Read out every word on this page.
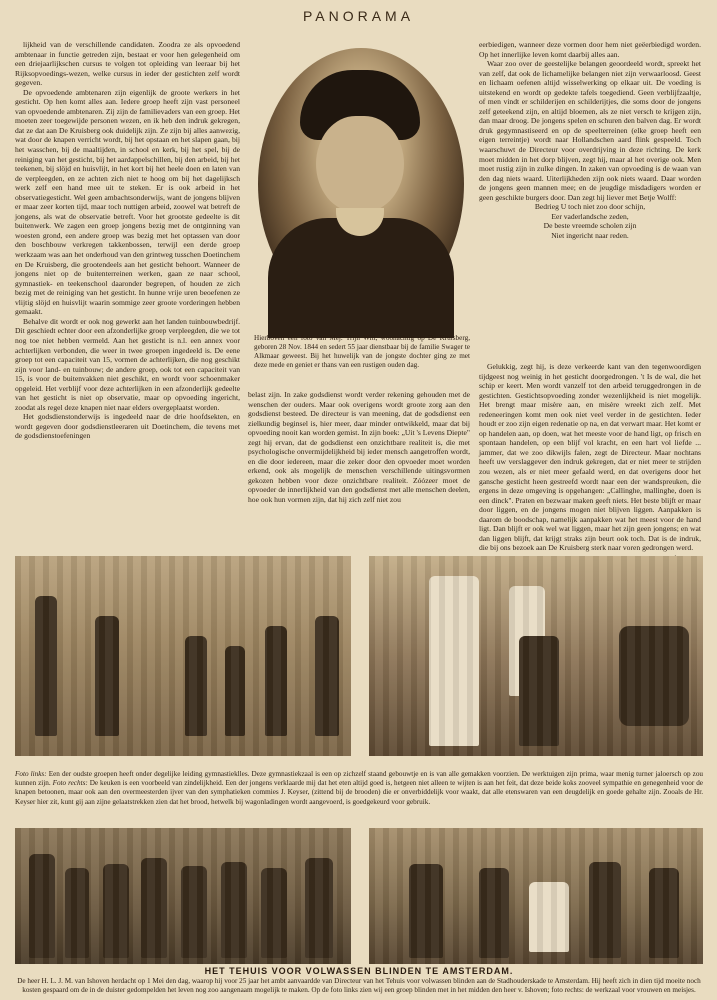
PANORAMA

lijkheid van de verschillende candidaten. Zoodra ze als opvoedend ambtenaar in functie getreden zijn, bestaat er voor hen gelegenheid om een driejaarlijkschen cursus te volgen tot opleiding van leeraar bij het Rijksopvoedings-wezen, welke cursus in ieder der gestichten zelf wordt gegeven.

De opvoedende ambtenaren zijn eigenlijk de groote werkers in het gesticht. Op hen komt alles aan. Iedere groep heeft zijn vast personeel van opvoedende ambtenaren. Zij zijn de familievaders van een groep. Het moeten zeer toegewijde personen wezen, en ik heb den indruk gekregen, dat ze dat aan De Kruisberg ook duidelijk zijn. Ze zijn bij alles aanwezig, wat door de knapen verricht wordt, bij het opstaan en het slapen gaan, bij het wasschen, bij de maaltijden, in school en kerk, bij het spel, bij de reiniging van het gesticht, bij het aardappelschillen, bij den arbeid, bij het teekenen, bij slöjd en huisvlijt, in het kort bij het heele doen en laten van de verpleegden, en ze achten zich niet te hoog om bij het dagelijksch werk zelf een hand mee uit te steken. Er is ook arbeid in het observatiegesticht. Wel geen ambachtsonderwijs, want de jongens blijven er maar zeer korten tijd, maar toch nuttigen arbeid, zoowel wat betreft de jongens, als wat de observatie betreft. Voor het grootste gedeelte is dit buitenwerk. We zagen een groep jongens bezig met de ontginning van woesten grond, een andere groep was bezig met het optassen van door den boschbouw verkregen takkenbossen, terwijl een derde groep werkzaam was aan het onderhoud van den grintweg tusschen Doetinchem en De Kruisberg, die grootendeels aan het gesticht behoort. Wanneer de jongens niet op de buitenterreinen werken, gaan ze naar school, gymnastiek- en teekenschool daaronder begrepen, of houden ze zich bezig met de reiniging van het gesticht. In hunne vrije uren beoefenen ze vlijtig slöjd en huisvlijt waarin sommige zeer groote vorderingen hebben gemaakt.

Behalve dit wordt er ook nog gewerkt aan het landen tuinbouwbedrijf. Dit geschiedt echter door een afzonderlijke groep verpleegden, die we tot nog toe niet hebben vermeld. Aan het gesticht is n.l. een annex voor achterlijken verbonden, die weer in twee groepen ingedeeld is. De eene groep tot een capaciteit van 15, vormen de achterlijken, die nog geschikt zijn voor land- en tuinbouw; de andere groep, ook tot een capaciteit van 15, is voor de buitenvakken niet geschikt, en wordt voor schoenmaker opgeleid. Het verblijf voor deze achterlijken in een afzonderlijk gedeelte van het gesticht is niet op observatie, maar op opvoeding ingericht, zoodat als regel deze knapen niet naar elders overgeplaatst worden.

Het godsdienstonderwijs is ingedeeld naar de drie hoofdsekten, en wordt gegeven door godsdienstleeraren uit Doetinchem, die tevens met de godsdienstoefeningen

Hierboven een foto van Mej. Trijn Witt, woonachtig op De Kruisberg, geboren 28 Nov. 1844 en sedert 55 jaar dienstbaar bij de familie Swager te Alkmaar geweest. Bij het huwelijk van de jongste dochter ging ze met deze mede en geniet er thans van een rustigen ouden dag.

belast zijn. In zake godsdienst wordt verder rekening gehouden met de wenschen der ouders. Maar ook overigens wordt groote zorg aan den godsdienst besteed. De directeur is van meening, dat de godsdienst een zielkundig beginsel is, hier meer, daar minder ontwikkeld, maar dat bij opvoeding nooit kan worden gemist. In zijn boek: „Uit 's Levens Diepte" zegt hij ervan, dat de godsdienst een onzichtbare realiteit is, die met psychologische onvermijdelijkheid bij ieder mensch aangetroffen wordt, en die door iedereen, maar die zeker door den opvoeder moet worden erkend, ook als mogelijk de menschen verschillende uitingsvormen gekozen hebben voor deze onzichtbare realiteit. Zóózeer moet de opvoeder de innerlijkheid van den godsdienst met alle menschen deelen, hoe ook hun vormen zijn, dat hij zich zelf niet zou

eerbiedigen, wanneer deze vormen door hem niet geëerbiedigd worden. Op het innerlijke leven komt daarbij alles aan.

Waar zoo over de geestelijke belangen geoordeeld wordt, spreekt het van zelf, dat ook de lichamelijke belangen niet zijn verwaarloosd. Geest en lichaam oefenen altijd wisselwerking op elkaar uit. De voeding is uitstekend en wordt op gedekte tafels toegediend. Geen verblijfzaaltje, of men vindt er schilderijen en schilderijtjes, die soms door de jongens zelf geteekend zijn, en altijd bloemen, als ze niet versch te krijgen zijn, dan maar droog. De jongens spelen en schuren den balven dag. Er wordt druk gegymnastiseerd en op de speelterreinen (elke groep heeft een eigen terreintje) wordt naar Hollandschen aard flink gespeeld. Toch waarschuwt de Directeur voor overdrijving in deze richting. De kerk moet midden in het dorp blijven, zegt hij, maar al het overige ook. Men moet rustig zijn in zulke dingen. In zaken van opvoeding is de waan van den dag niets waard. Uiterlijkheden zijn ook niets waard. Daar worden de jongens geen mannen mee; en de jeugdige misdadigers worden er geen geschikte burgers door. Dan zegt hij liever met Betje Wolff:

Bedrieg U toch niet zoo door schijn,

Eer vaderlandsche zeden,

De beste vreemde scholen zijn

Niet ingericht naar reden.

Gelukkig, zegt hij, is deze verkeerde kant van den tegenwoordigen tijdgeest nog weinig in het gesticht doorgedrongen. 't Is de wal, die het schip er keert. Men wordt vanzelf tot den arbeid teruggedrongen in de gestichten. Gestichtsopvoeding zonder wezenlijkheid is niet mogelijk. Het brengt maar misère aan, en misère wreekt zich zelf. Met redeneeringen komt men ook niet veel verder in de gestichten. Ieder houdt er zoo zijn eigen redenatie op na, en dat verwart maar. Het komt er op handelen aan, op doen, wat het meeste voor de hand ligt, op frisch en spontaan handelen, op een blijf vol kracht, en een hart vol liefde ... jammer, dat we zoo dikwijls falen, zegt de Directeur. Maar nochtans heeft uw verslaggever den indruk gekregen, dat er niet meer te strijden zou wezen, als er niet meer gefaald werd, en dat overigens door het ganschе gesticht heen gestreefd wordt naar een der wandspreuken, die ergens in deze omgeving is opgehangen: „Callinghe, mallinghe, doen is een dinck". Praten en bezwaar maken geeft niets. Het beste blijft er maar door liggen, en de jongens mogen niet blijven liggen. Aanpakken is daarom de boodschap, namelijk aanpakken wat het meest voor de hand ligt. Dan blijft er ook wel wat liggen, maar het zijn geen jongens; en wat dan liggen blijft, dat krijgt straks zijn beurt ook toch. Dat is de indruk, die bij ons bezoek aan De Kruisberg sterk naar voren gedrongen werd.

Foto links: Een der oudste groepen heeft onder degelijke leiding gymnastieklles. Deze gymnastiekzaal is een op zichzelf staand gebouwtje en is van alle gemakken voorzien. De werktuigen zijn prima, waar menig turner jaloersch op zou kunnen zijn. Foto rechts: De keuken is een voorbeeld van zindelijkheid. Een der jongens verklaarde mij dat het eten altijd goed is, hetgeen niet alleen te wijten is aan het feit, dat deze beide koks zooveel sympathie en genegenheid voor de knapen betoonen, maar ook aan den overmeesterden ijver van den symphatieken commies J. Keyser, (zittend bij de brooden) die er onverbiddelijk voor waakt, dat alle etenswaren van een deugdelijk en goede gehalte zijn. Zooals de Hr. Keyser hier zit, kunt gij aan zijne gelaatstrekken zien dat het brood, hetwelk bij wagonladingen wordt aangevoerd, is goedgekeurd voor gebruik.
HET TEHUIS VOOR VOLWASSEN BLINDEN TE AMSTERDAM.
De heer H. L. J. M. van Ishoven herdacht op 1 Mei den dag, waarop hij voor 25 jaar het ambt aanvaardde van Directeur van het Tehuis voor volwassen blinden aan de Stadhouderskade te Amsterdam. Hij heeft zich in dien tijd moeite noch kosten gespaard om de in de duister gedompelden het leven nog zoo aangenaam mogelijk te maken. Op de foto links zien wij een groep blinden met in het midden den heer v. Ishoven; foto rechts: de werkzaal voor vrouwen en meisjes.
